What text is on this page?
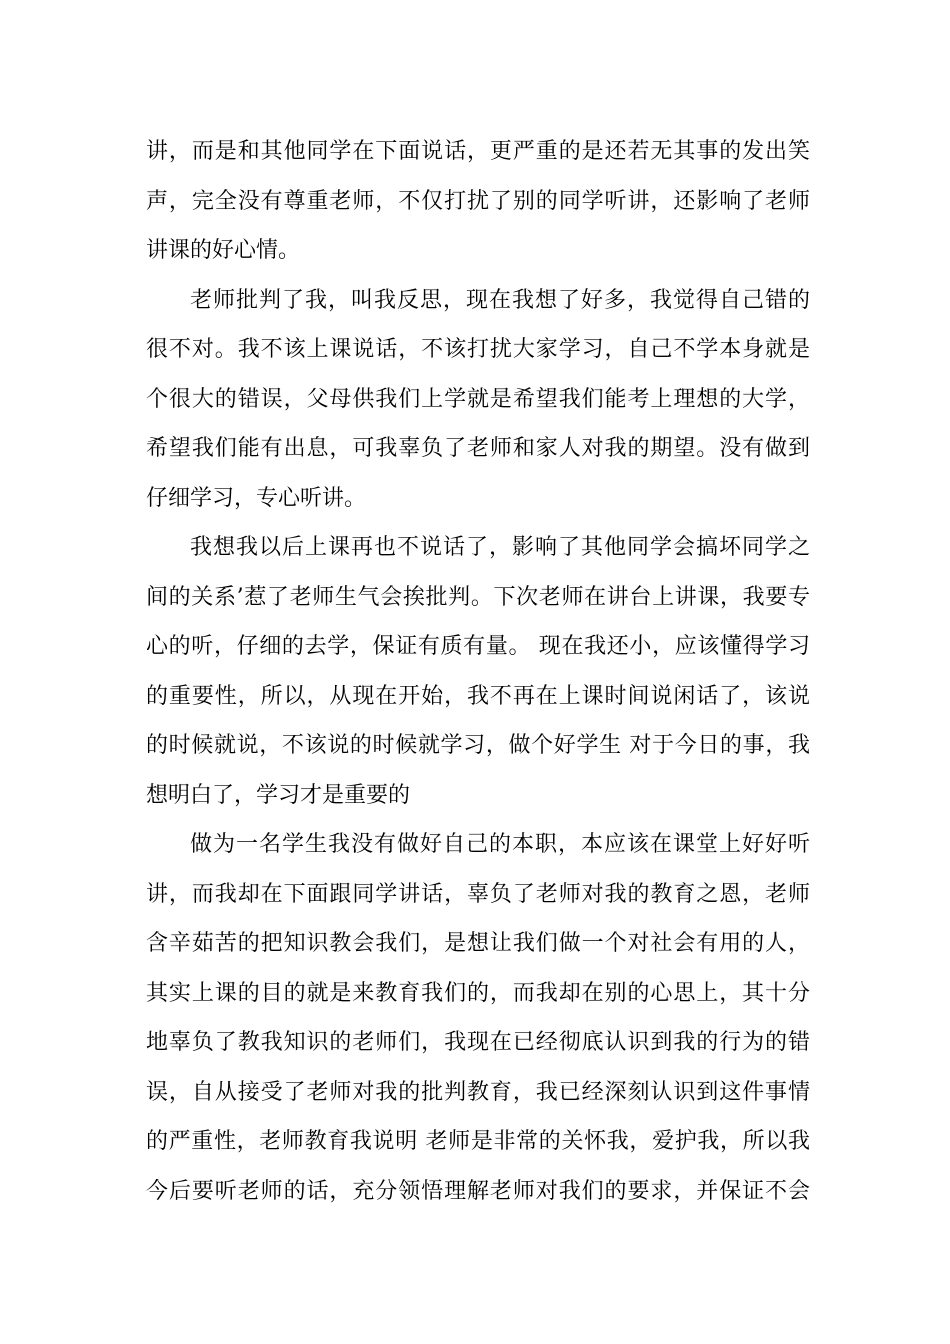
讲，而是和其他同学在下面说话，更严重的是还若无其事的发出笑
声，完全没有尊重老师，不仅打扰了别的同学听讲，还影响了老师
讲课的好心情。
老师批判了我，叫我反思，现在我想了好多，我觉得自己错的
很不对。我不该上课说话，不该打扰大家学习，自己不学本身就是
个很大的错误，父母供我们上学就是希望我们能考上理想的大学，
希望我们能有出息，可我辜负了老师和家人对我的期望。没有做到
仔细学习，专心听讲。
我想我以后上课再也不说话了，影响了其他同学会搞坏同学之
间的关系’惹了老师生气会挨批判。下次老师在讲台上讲课，我要专
心的听，仔细的去学，保证有质有量。 现在我还小，应该懂得学习
的重要性，所以，从现在开始，我不再在上课时间说闲话了，该说
的时候就说，不该说的时候就学习，做个好学生 对于今日的事，我
想明白了，学习才是重要的
做为一名学生我没有做好自己的本职，本应该在课堂上好好听
讲，而我却在下面跟同学讲话，辜负了老师对我的教育之恩，老师
含辛茹苦的把知识教会我们，是想让我们做一个对社会有用的人，
其实上课的目的就是来教育我们的，而我却在别的心思上，其十分
地辜负了教我知识的老师们，我现在已经彻底认识到我的行为的错
误，自从接受了老师对我的批判教育，我已经深刻认识到这件事情
的严重性，老师教育我说明 老师是非常的关怀我，爱护我，所以我
今后要听老师的话，充分领悟理解老师对我们的要求，并保证不会
